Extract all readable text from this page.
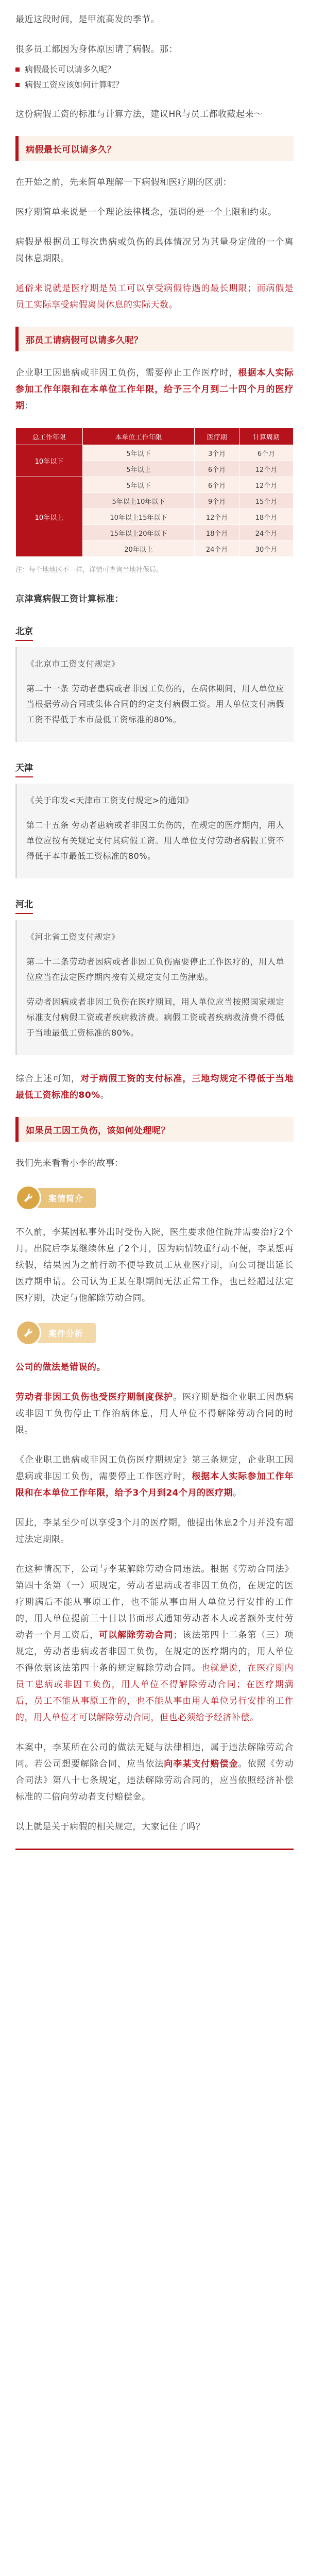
最近这段时间，是甲流高发的季节。

很多员工都因为身体原因请了病假。那：

病假最长可以请多久呢？
病假工资应该如何计算呢？

这份病假工资的标准与计算方法，建议HR与员工都收藏起来～

病假最长可以请多久？

在开始之前，先来简单理解一下病假和医疗期的区别：

医疗期简单来说是一个理论法律概念，强调的是一个上限和约束。

病假是根据员工每次患病或负伤的具体情况另为其量身定做的一个离岗休息期限。

通俗来说就是医疗期是员工可以享受病假待遇的最长期限；而病假是员工实际享受病假离岗休息的实际天数。

那员工请病假可以请多久呢？

企业职工因患病或非因工负伤，需要停止工作医疗时，根据本人实际参加工作年限和在本单位工作年限，给予三个月到二十四个月的医疗期：

总工作年限	本单位工作年限	医疗期	计算周期
10年以下	5年以下	3个月	6个月
	5年以上	6个月	12个月
10年以上	5年以下	6个月	12个月
	5年以上10年以下	9个月	15个月
	10年以上15年以下	12个月	18个月
	15年以上20年以下	18个月	24个月
	20年以上	24个月	30个月

注：每个地地区不一样，详情可查询当地社保局。

京津冀病假工资计算标准：

北京

《北京市工资支付规定》

第二十一条 劳动者患病或者非因工负伤的，在病休期间，用人单位应当根据劳动合同或集体合同的约定支付病假工资。用人单位支付病假工资不得低于本市最低工资标准的80%。

天津

《关于印发<天津市工资支付规定>的通知》

第二十五条 劳动者患病或者非因工负伤的，在规定的医疗期内，用人单位应按有关规定支付其病假工资。用人单位支付劳动者病假工资不得低于本市最低工资标准的80%。

河北

《河北省工资支付规定》

第二十二条劳动者因病或者非因工负伤需要停止工作医疗的，用人单位应当在法定医疗期内按有关规定支付工伤津贴。

劳动者因病或者非因工负伤在医疗期间，用人单位应当按照国家规定标准支付病假工资或者疾病救济费。病假工资或者疾病救济费不得低于当地最低工资标准的80%。

综合上述可知，对于病假工资的支付标准，三地均规定不得低于当地最低工资标准的80%。

如果员工因工负伤，该如何处理呢？

我们先来看看小李的故事：

案情简介

不久前，李某因私事外出时受伤入院，医生要求他住院并需要治疗2个月。出院后李某继续休息了2个月，因为病情较重行动不便，李某想再续假，结果因为之前行动不便导致员工从业医疗期，向公司提出延长医疗期申请。公司认为王某在职期间无法正常工作，也已经超过法定医疗期，决定与他解除劳动合同。

案件分析

公司的做法是错误的。

劳动者非因工负伤也受医疗期制度保护。医疗期是指企业职工因患病或非因工负伤停止工作治病休息，用人单位不得解除劳动合同的时限。

《企业职工患病或非因工负伤医疗期规定》第三条规定，企业职工因患病或非因工负伤，需要停止工作医疗时，根据本人实际参加工作年限和在本单位工作年限，给予3个月到24个月的医疗期。

因此，李某至少可以享受3个月的医疗期，他提出休息2个月并没有超过法定期限。

在这种情况下，公司与李某解除劳动合同违法。根据《劳动合同法》第四十条第（一）项规定，劳动者患病或者非因工负伤，在规定的医疗期满后不能从事原工作，也不能从事由用人单位另行安排的工作的，用人单位提前三十日以书面形式通知劳动者本人或者额外支付劳动者一个月工资后，可以解除劳动合同；该法第四十二条第（三）项规定，劳动者患病或者非因工负伤，在规定的医疗期内的，用人单位不得依据该法第四十条的规定解除劳动合同。也就是说，在医疗期内员工患病或非因工负伤，用人单位不得解除劳动合同；在医疗期满后，员工不能从事原工作的，也不能从事由用人单位另行安排的工作的，用人单位才可以解除劳动合同，但也必须给予经济补偿。

本案中，李某所在公司的做法无疑与法律相违，属于违法解除劳动合同。若公司想要解除合同，应当依法向李某支付赔偿金。依照《劳动合同法》第八十七条规定，违法解除劳动合同的，应当依照经济补偿标准的二倍向劳动者支付赔偿金。

以上就是关于病假的相关规定，大家记住了吗？
